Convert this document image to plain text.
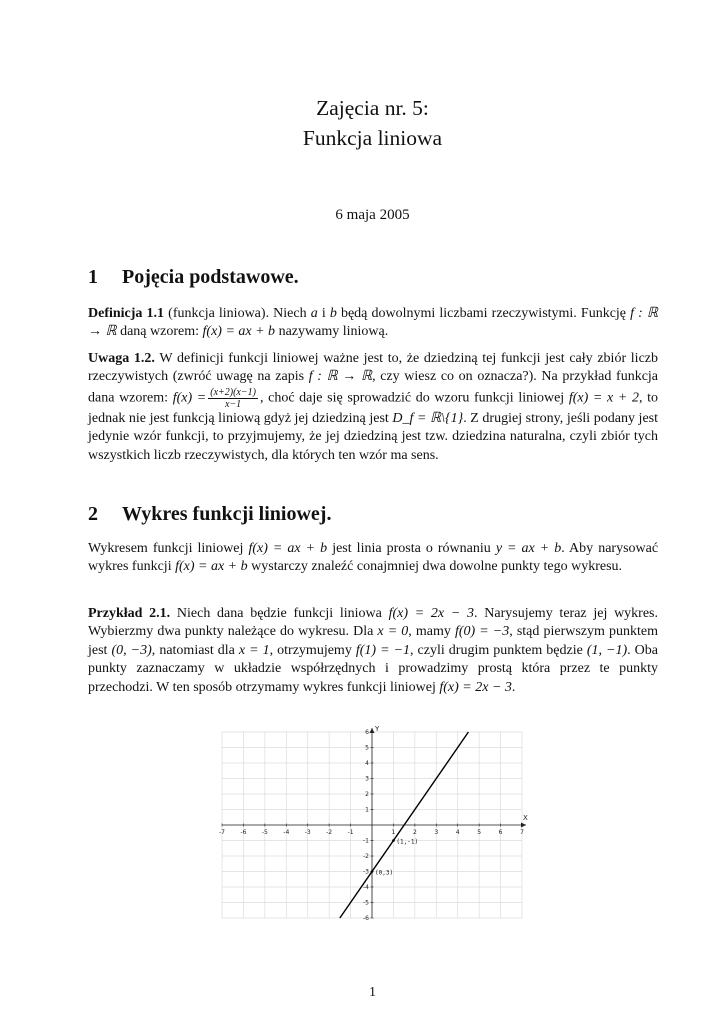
Zajęcia nr. 5:
Funkcja liniowa
6 maja 2005
1 Pojęcia podstawowe.
Definicja 1.1 (funkcja liniowa). Niech a i b będą dowolnymi liczbami rzeczywistymi. Funkcję f : ℝ → ℝ daną wzorem: f(x) = ax + b nazywamy liniową.
Uwaga 1.2. W definicji funkcji liniowej ważne jest to, że dziedziną tej funkcji jest cały zbiór liczb rzeczywistych (zwróć uwagę na zapis f : ℝ → ℝ, czy wiesz co on oznacza?). Na przykład funkcja dana wzorem: $f(x) = \frac{(x+2)(x-1)}{x-1}$ , choć daje się sprowadzić do wzoru funkcji liniowej f(x) = x + 2, to jednak nie jest funkcją liniową gdyż jej dziedziną jest D_f = ℝ\{1}. Z drugiej strony, jeśli podany jest jedynie wzór funkcji, to przyjmujemy, że jej dziedziną jest tzw. dziedzina naturalna, czyli zbiór tych wszystkich liczb rzeczywistych, dla których ten wzór ma sens.
2 Wykres funkcji liniowej.
Wykresem funkcji liniowej f(x) = ax + b jest linia prosta o równaniu y = ax + b. Aby narysować wykres funkcji f(x) = ax + b wystarczy znaleźć conajmniej dwa dowolne punkty tego wykresu.
Przykład 2.1. Niech dana będzie funkcji liniowa f(x) = 2x − 3. Narysujemy teraz jej wykres. Wybierzmy dwa punkty należące do wykresu. Dla x = 0, mamy f(0) = −3, stąd pierwszym punktem jest (0, −3), natomiast dla x = 1, otrzymujemy f(1) = −1, czyli drugim punktem będzie (1, −1). Oba punkty zaznaczamy w układzie współrzędnych i prowadzimy prostą która przez te punkty przechodzi. W ten sposób otrzymamy wykres funkcji liniowej f(x) = 2x − 3.
X
Y
-7	-6	-5	-4	-3	-2	-1	1	2	3	4	5	6	7
-6
-5
-4
-3
-2
-1
1
2
3
4
5
6
(0,3)
(1,-1)
1
